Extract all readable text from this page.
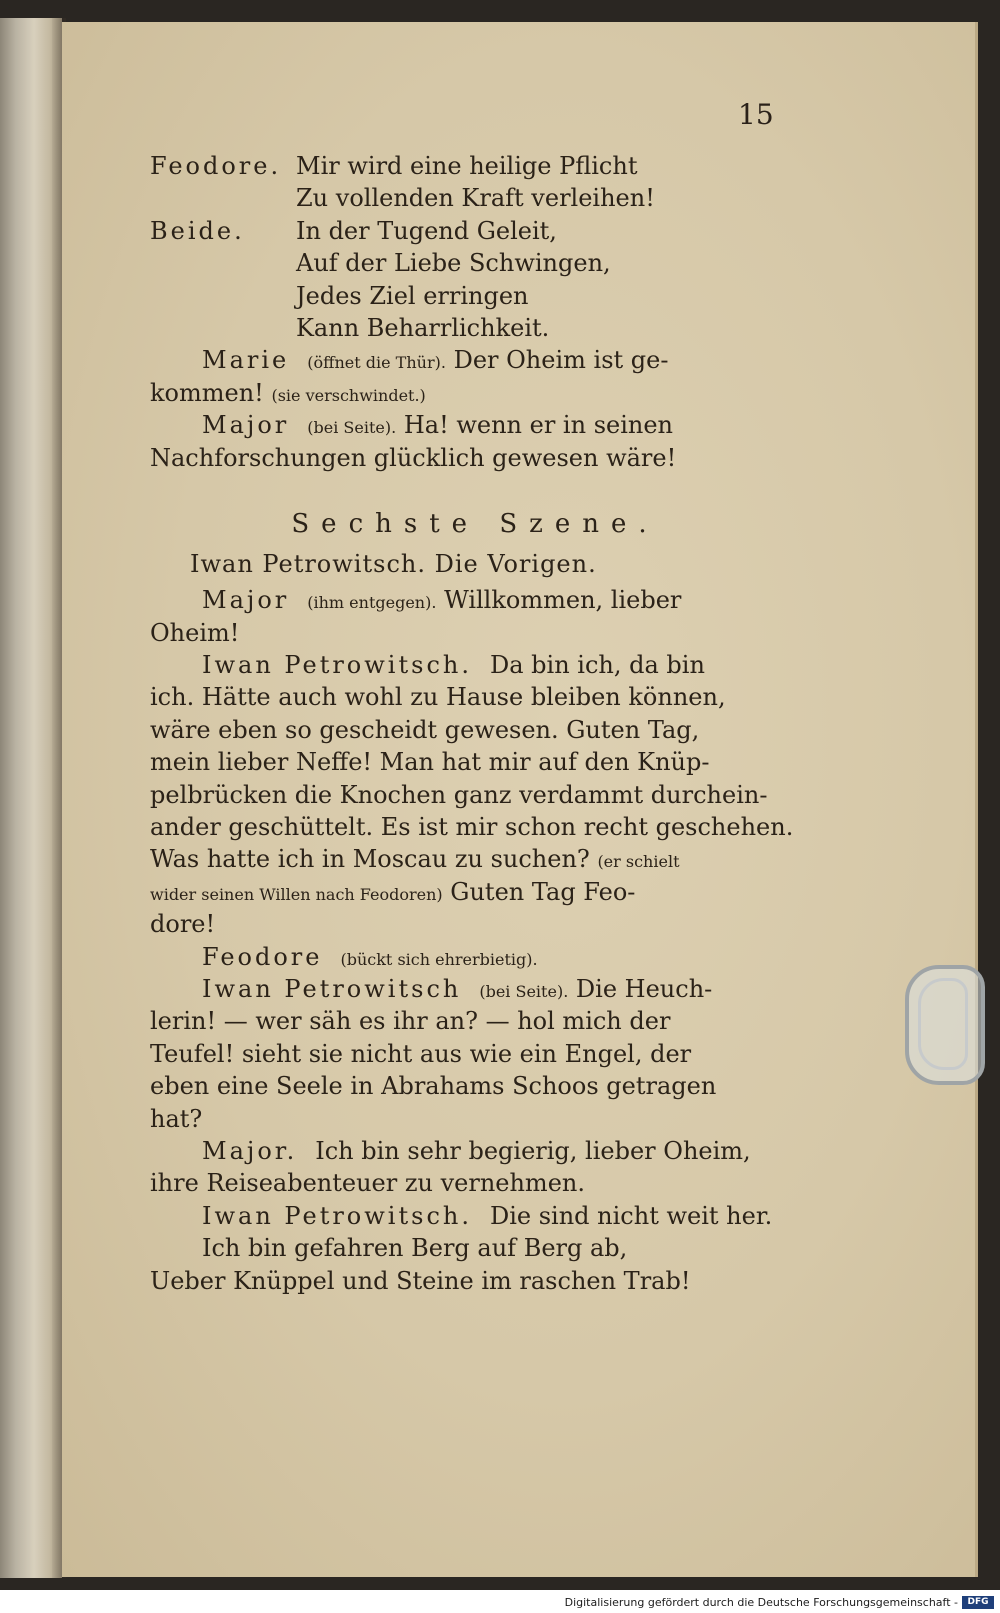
15
Feodore. Mir wird eine heilige Pflicht
Zu vollenden Kraft verleihen!
Beide. In der Tugend Geleit,
Auf der Liebe Schwingen,
Jedes Ziel erringen
Kann Beharrlichkeit.
Marie (öffnet die Thür). Der Oheim ist ge-
kommen! (sie verschwindet.)
Major (bei Seite). Ha! wenn er in seinen
Nachforschungen glücklich gewesen wäre!
Sechste Szene.
Iwan Petrowitsch. Die Vorigen.
Major (ihm entgegen). Willkommen, lieber
Oheim!
Iwan Petrowitsch. Da bin ich, da bin
ich. Hätte auch wohl zu Hause bleiben können,
wäre eben so gescheidt gewesen. Guten Tag,
mein lieber Neffe! Man hat mir auf den Knüp-
pelbrücken die Knochen ganz verdammt durchein-
ander geschüttelt. Es ist mir schon recht geschehen.
Was hatte ich in Moscau zu suchen? (er schielt
wider seinen Willen nach Feodoren) Guten Tag Feo-
dore!
Feodore (bückt sich ehrerbietig).
Iwan Petrowitsch (bei Seite). Die Heuch-
lerin! — wer säh es ihr an? — hol mich der
Teufel! sieht sie nicht aus wie ein Engel, der
eben eine Seele in Abrahams Schoos getragen
hat?
Major. Ich bin sehr begierig, lieber Oheim,
ihre Reiseabenteuer zu vernehmen.
Iwan Petrowitsch. Die sind nicht weit her.
Ich bin gefahren Berg auf Berg ab,
Ueber Knüppel und Steine im raschen Trab!
Digitalisierung gefördert durch die Deutsche Forschungsgemeinschaft -	DFG
